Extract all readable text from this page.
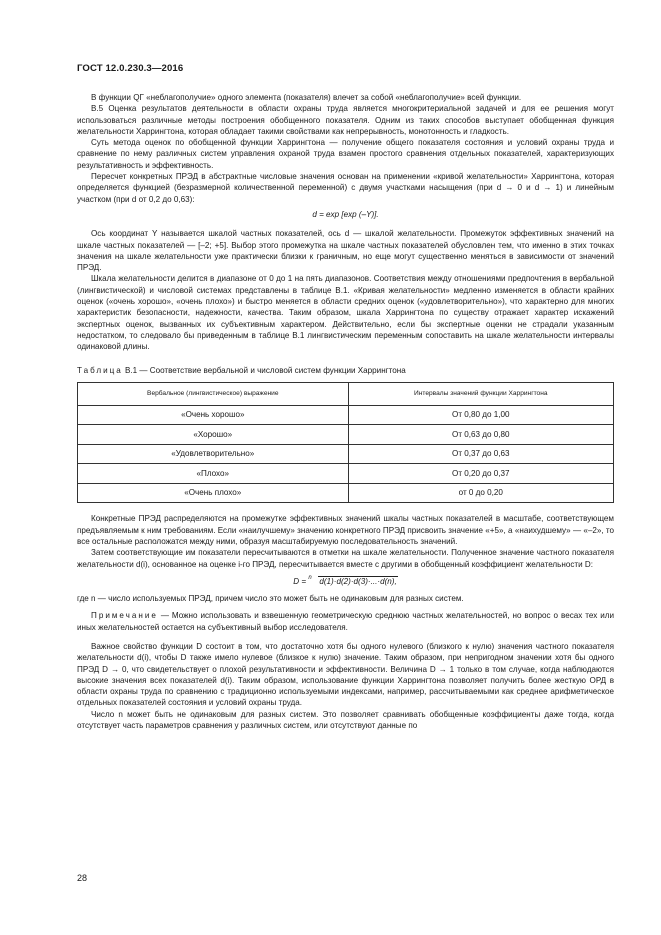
ГОСТ 12.0.230.3—2016

В функции QГ «неблагополучие» одного элемента (показателя) влечет за собой «неблагополучие» всей функции.

В.5 Оценка результатов деятельности в области охраны труда является многокритериальной задачей и для ее решения могут использоваться различные методы построения обобщенного показателя. Одним из таких способов выступает обобщенная функция желательности Харрингтона, которая обладает такими свойствами как непрерывность, монотонность и гладкость.

Суть метода оценок по обобщенной функции Харрингтона — получение общего показателя состояния и условий охраны труда и сравнение по нему различных систем управления охраной труда взамен простого сравнения отдельных показателей, характеризующих результативность и эффективность.

Пересчет конкретных ПРЭД в абстрактные числовые значения основан на применении «кривой желательности» Харрингтона, которая определяется функцией (безразмерной количественной переменной) с двумя участками насыщения (при d → 0 и d → 1) и линейным участком (при d от 0,2 до 0,63):

d = exp [exp (–Y)].

Ось координат Y называется шкалой частных показателей, ось d — шкалой желательности. Промежуток эффективных значений на шкале частных показателей — [–2; +5]. Выбор этого промежутка на шкале частных показателей обусловлен тем, что именно в этих точках значения на шкале желательности уже практически близки к граничным, но еще могут существенно меняться в зависимости от значений ПРЭД.

Шкала желательности делится в диапазоне от 0 до 1 на пять диапазонов. Соответствия между отношениями предпочтения в вербальной (лингвистической) и числовой системах представлены в таблице В.1. «Кривая желательности» медленно изменяется в области крайних оценок («очень хорошо», «очень плохо») и быстро меняется в области средних оценок («удовлетворительно»), что характерно для многих характеристик безопасности, надежности, качества. Таким образом, шкала Харрингтона по существу отражает характер искажений экспертных оценок, вызванных их субъективным характером. Действительно, если бы экспертные оценки не страдали указанным недостатком, то следовало бы приведенным в таблице В.1 лингвистическим переменным сопоставить на шкале желательности интервалы одинаковой длины.

Таблица В.1 — Соответствие вербальной и числовой систем функции Харрингтона

Вербальное (лингвистическое) выражение	Интервалы значений функции Харрингтона
«Очень хорошо»	От 0,80 до 1,00
«Хорошо»	От 0,63 до 0,80
«Удовлетворительно»	От 0,37 до 0,63
«Плохо»	От 0,20 до 0,37
«Очень плохо»	от 0 до 0,20

Конкретные ПРЭД распределяются на промежутке эффективных значений шкалы частных показателей в масштабе, соответствующем предъявляемым к ним требованиям. Если «наилучшему» значению конкретного ПРЭД присвоить значение «+5», а «наихудшему» — «–2», то все остальные расположатся между ними, образуя масштабируемую последовательность значений.

Затем соответствующие им показатели пересчитываются в отметки на шкале желательности. Полученное значение частного показателя желательности d(i), основанное на оценке i-го ПРЭД, пересчитывается вместе с другими в обобщенный коэффициент желательности D:

D = n d(1)·d(2)·d(3)·...·d(n),

где n — число используемых ПРЭД, причем число это может быть не одинаковым для разных систем.

Примечание — Можно использовать и взвешенную геометрическую среднюю частных желательностей, но вопрос о весах тех или иных желательностей остается на субъективный выбор исследователя.

Важное свойство функции D состоит в том, что достаточно хотя бы одного нулевого (близкого к нулю) значения частного показателя желательности d(i), чтобы D также имело нулевое (близкое к нулю) значение. Таким образом, при непригодном значении хотя бы одного ПРЭД D → 0, что свидетельствует о плохой результативности и эффективности. Величина D → 1 только в том случае, когда наблюдаются высокие значения всех показателей d(i). Таким образом, использование функции Харрингтона позволяет получить более жесткую ОРД в области охраны труда по сравнению с традиционно используемыми индексами, например, рассчитываемыми как среднее арифметическое отдельных показателей состояния и условий охраны труда.

Число n может быть не одинаковым для разных систем. Это позволяет сравнивать обобщенные коэффициенты даже тогда, когда отсутствует часть параметров сравнения у различных систем, или отсутствуют данные по

28
